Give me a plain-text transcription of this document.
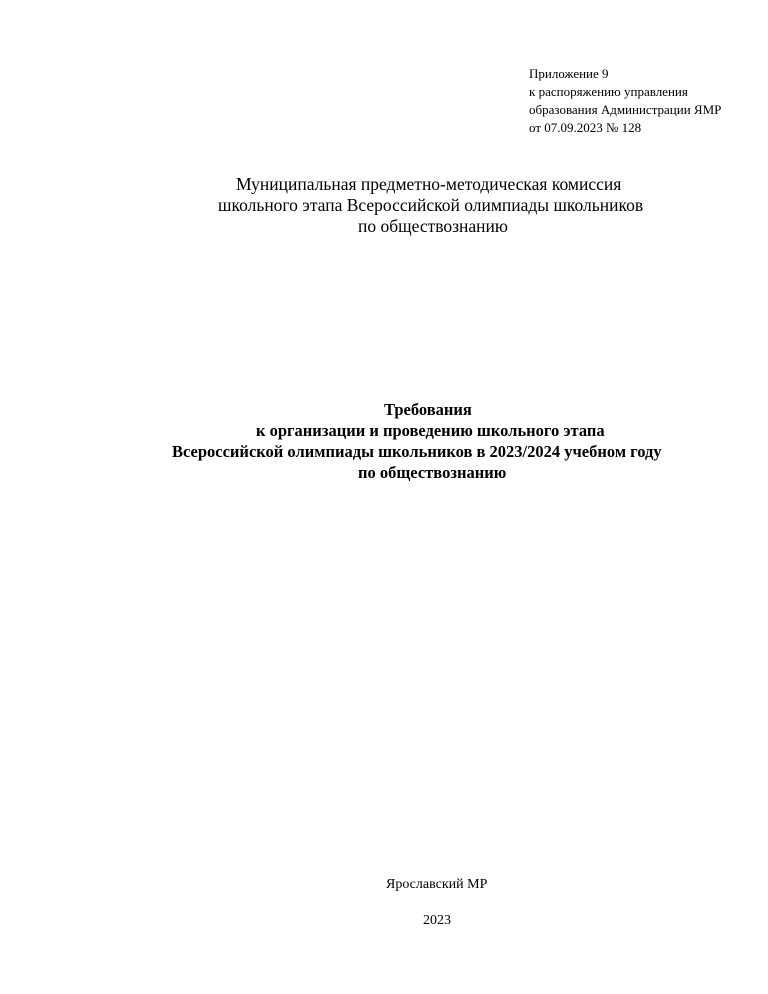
Приложение 9
к распоряжению управления
образования Администрации ЯМР
от 07.09.2023 № 128
Муниципальная предметно-методическая комиссия
школьного этапа Всероссийской олимпиады школьников
по обществознанию
Требования
к организации и проведению школьного этапа
Всероссийской олимпиады школьников в 2023/2024 учебном году
по обществознанию
Ярославский МР
2023
